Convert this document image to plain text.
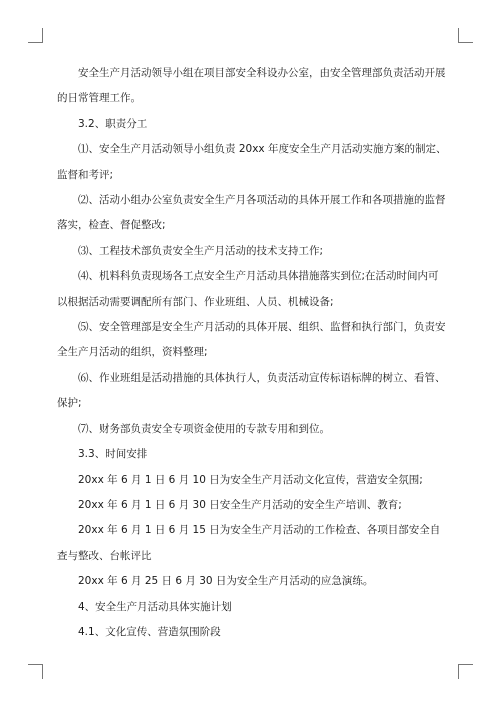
安全生产月活动领导小组在项目部安全科设办公室，由安全管理部负责活动开展的日常管理工作。

3.2、职责分工

⑴、安全生产月活动领导小组负责 20xx 年度安全生产月活动实施方案的制定、监督和考评;

⑵、活动小组办公室负责安全生产月各项活动的具体开展工作和各项措施的监督落实，检查、督促整改;

⑶、工程技术部负责安全生产月活动的技术支持工作;

⑷、机料科负责现场各工点安全生产月活动具体措施落实到位;在活动时间内可以根据活动需要调配所有部门、作业班组、人员、机械设备;

⑸、安全管理部是安全生产月活动的具体开展、组织、监督和执行部门，负责安全生产月活动的组织，资料整理;

⑹、作业班组是活动措施的具体执行人，负责活动宣传标语标牌的树立、看管、保护;

⑺、财务部负责安全专项资金使用的专款专用和到位。

3.3、时间安排

20xx 年 6 月 1 日 6 月 10 日为安全生产月活动文化宣传，营造安全氛围;

20xx 年 6 月 1 日 6 月 30 日安全生产月活动的安全生产培训、教育;

20xx 年 6 月 1 日 6 月 15 日为安全生产月活动的工作检查、各项目部安全自查与整改、台帐评比

20xx 年 6 月 25 日 6 月 30 日为安全生产月活动的应急演练。

4、安全生产月活动具体实施计划

4.1、文化宣传、营造氛围阶段
